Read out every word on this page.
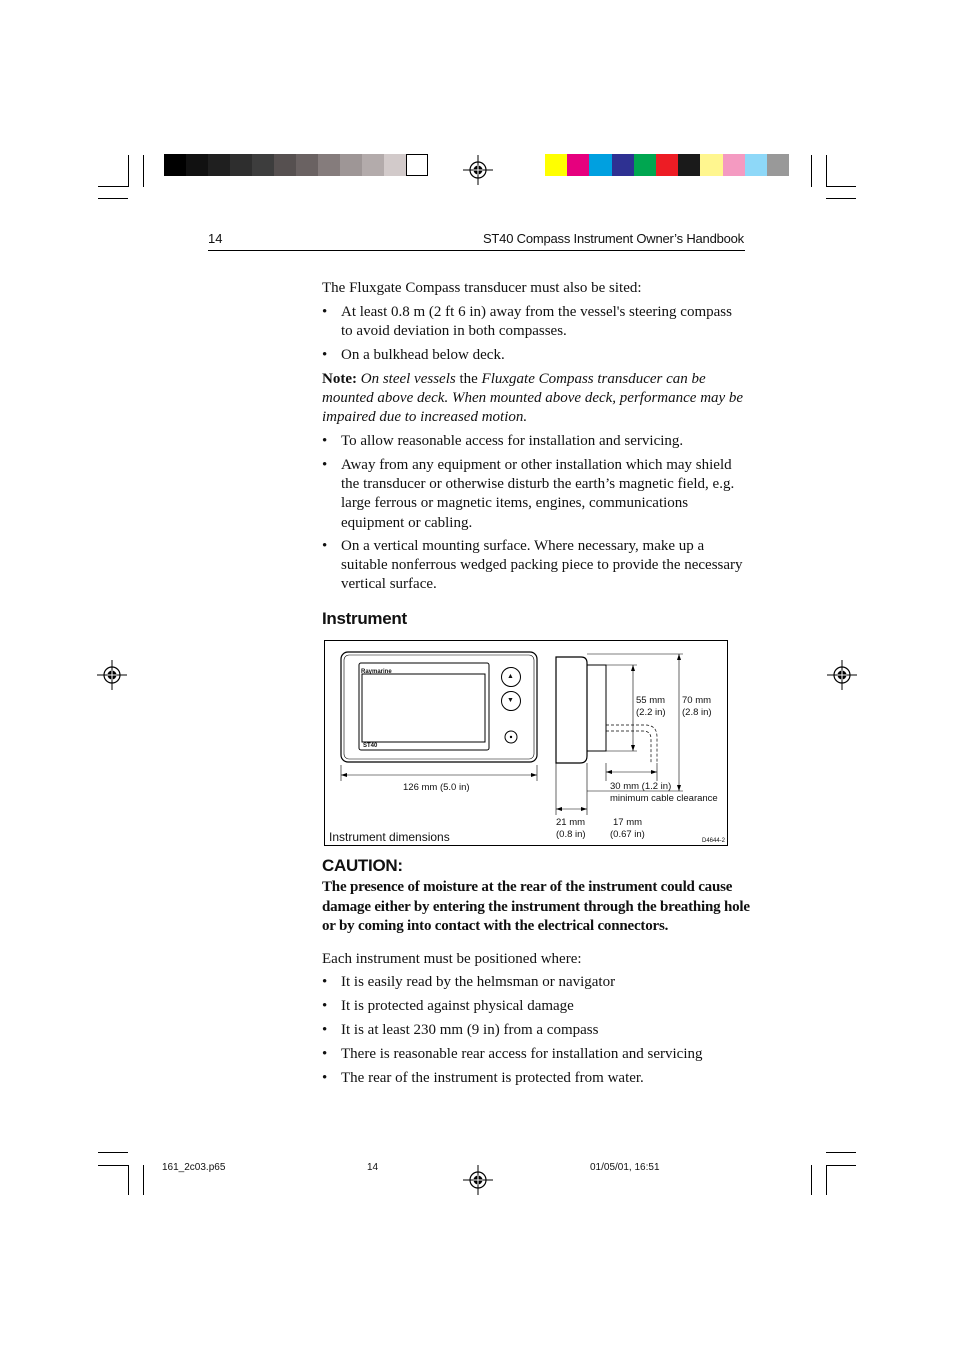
14	ST40 Compass Instrument Owner’s Handbook

The Fluxgate Compass transducer must also be sited:

• At least 0.8 m (2 ft 6 in) away from the vessel's steering compass to avoid deviation in both compasses.
• On a bulkhead below deck.

Note: On steel vessels the Fluxgate Compass transducer can be mounted above deck. When mounted above deck, performance may be impaired due to increased motion.

• To allow reasonable access for installation and servicing.
• Away from any equipment or other installation which may shield the transducer or otherwise disturb the earth’s magnetic field, e.g. large ferrous or magnetic items, engines, communications equipment or cabling.
• On a vertical mounting surface. Where necessary, make up a suitable nonferrous wedged packing piece to provide the necessary vertical surface.
Instrument
Raymarine
ST40
▲
▼
126 mm (5.0 in)
55 mm
(2.2 in)
70 mm
(2.8 in)
30 mm (1.2 in)
minimum cable clearance
21 mm
(0.8 in)
17 mm
(0.67 in)
Instrument dimensions	D4644-2
CAUTION:
The presence of moisture at the rear of the instrument could cause damage either by entering the instrument through the breathing hole or by coming into contact with the electrical connectors.

Each instrument must be positioned where:

• It is easily read by the helmsman or navigator
• It is protected against physical damage
• It is at least 230 mm (9 in) from a compass
• There is reasonable rear access for installation and servicing
• The rear of the instrument is protected from water.
161_2c03.p65	14	01/05/01, 16:51
